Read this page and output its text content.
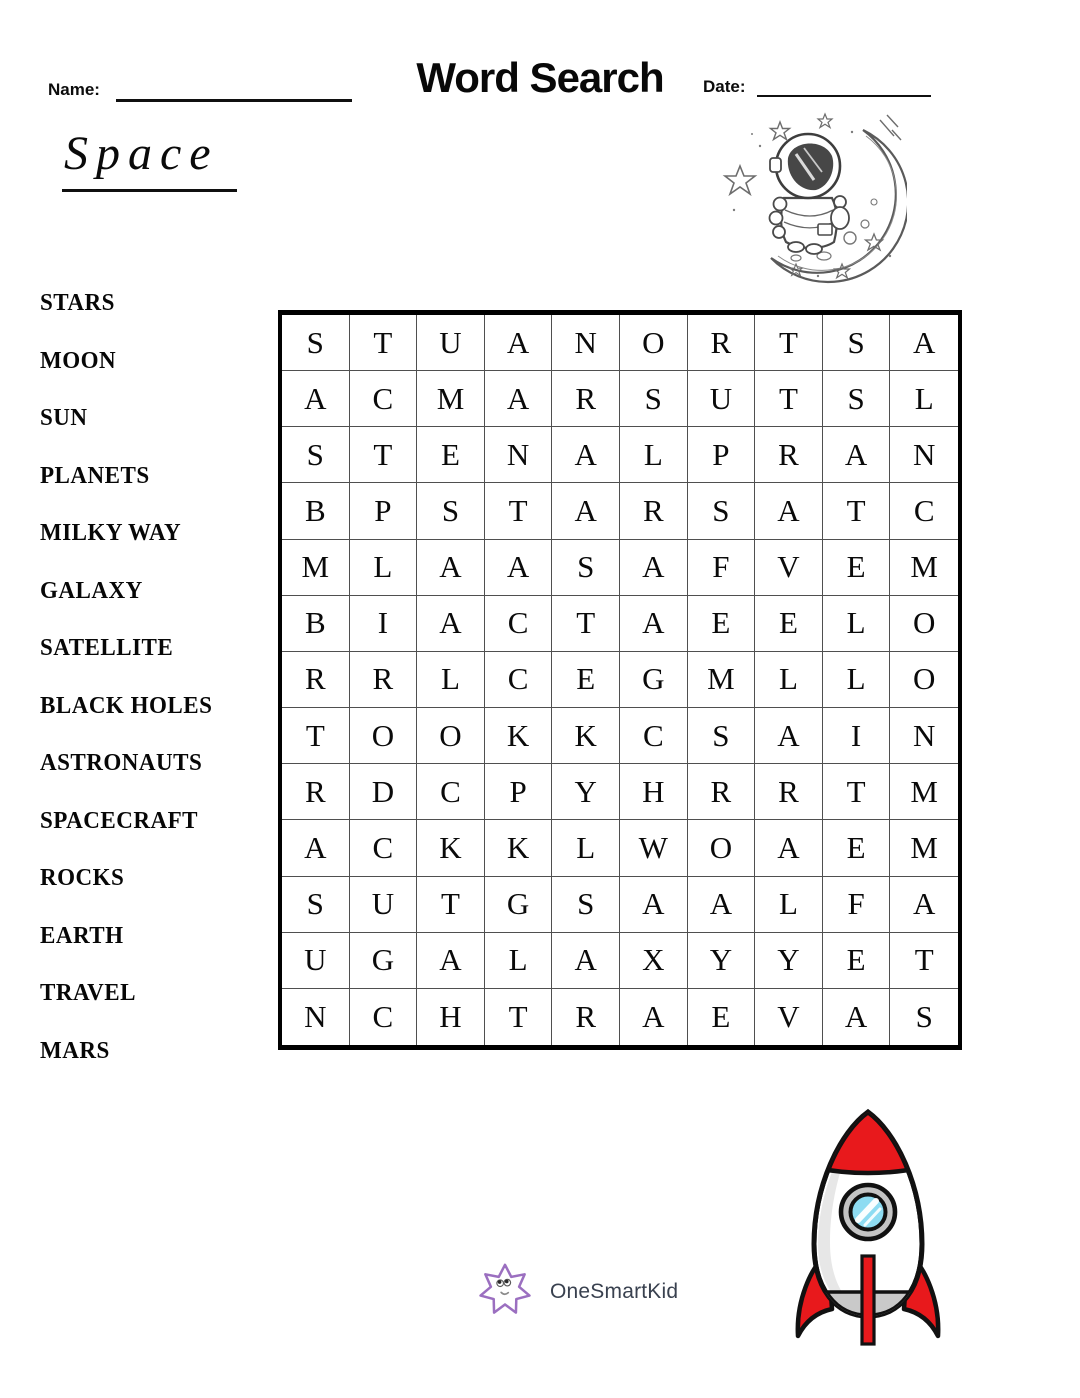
Name:	Word Search	Date:
Space
STARS
MOON
SUN
PLANETS
MILKY WAY
GALAXY
SATELLITE
BLACK HOLES
ASTRONAUTS
SPACECRAFT
ROCKS
EARTH
TRAVEL
MARS
S	T	U	A	N	O	R	T	S	A
A	C	M	A	R	S	U	T	S	L
S	T	E	N	A	L	P	R	A	N
B	P	S	T	A	R	S	A	T	C
M	L	A	A	S	A	F	V	E	M
B	I	A	C	T	A	E	E	L	O
R	R	L	C	E	G	M	L	L	O
T	O	O	K	K	C	S	A	I	N
R	D	C	P	Y	H	R	R	T	M
A	C	K	K	L	W	O	A	E	M
S	U	T	G	S	A	A	L	F	A
U	G	A	L	A	X	Y	Y	E	T
N	C	H	T	R	A	E	V	A	S
OneSmartKid
